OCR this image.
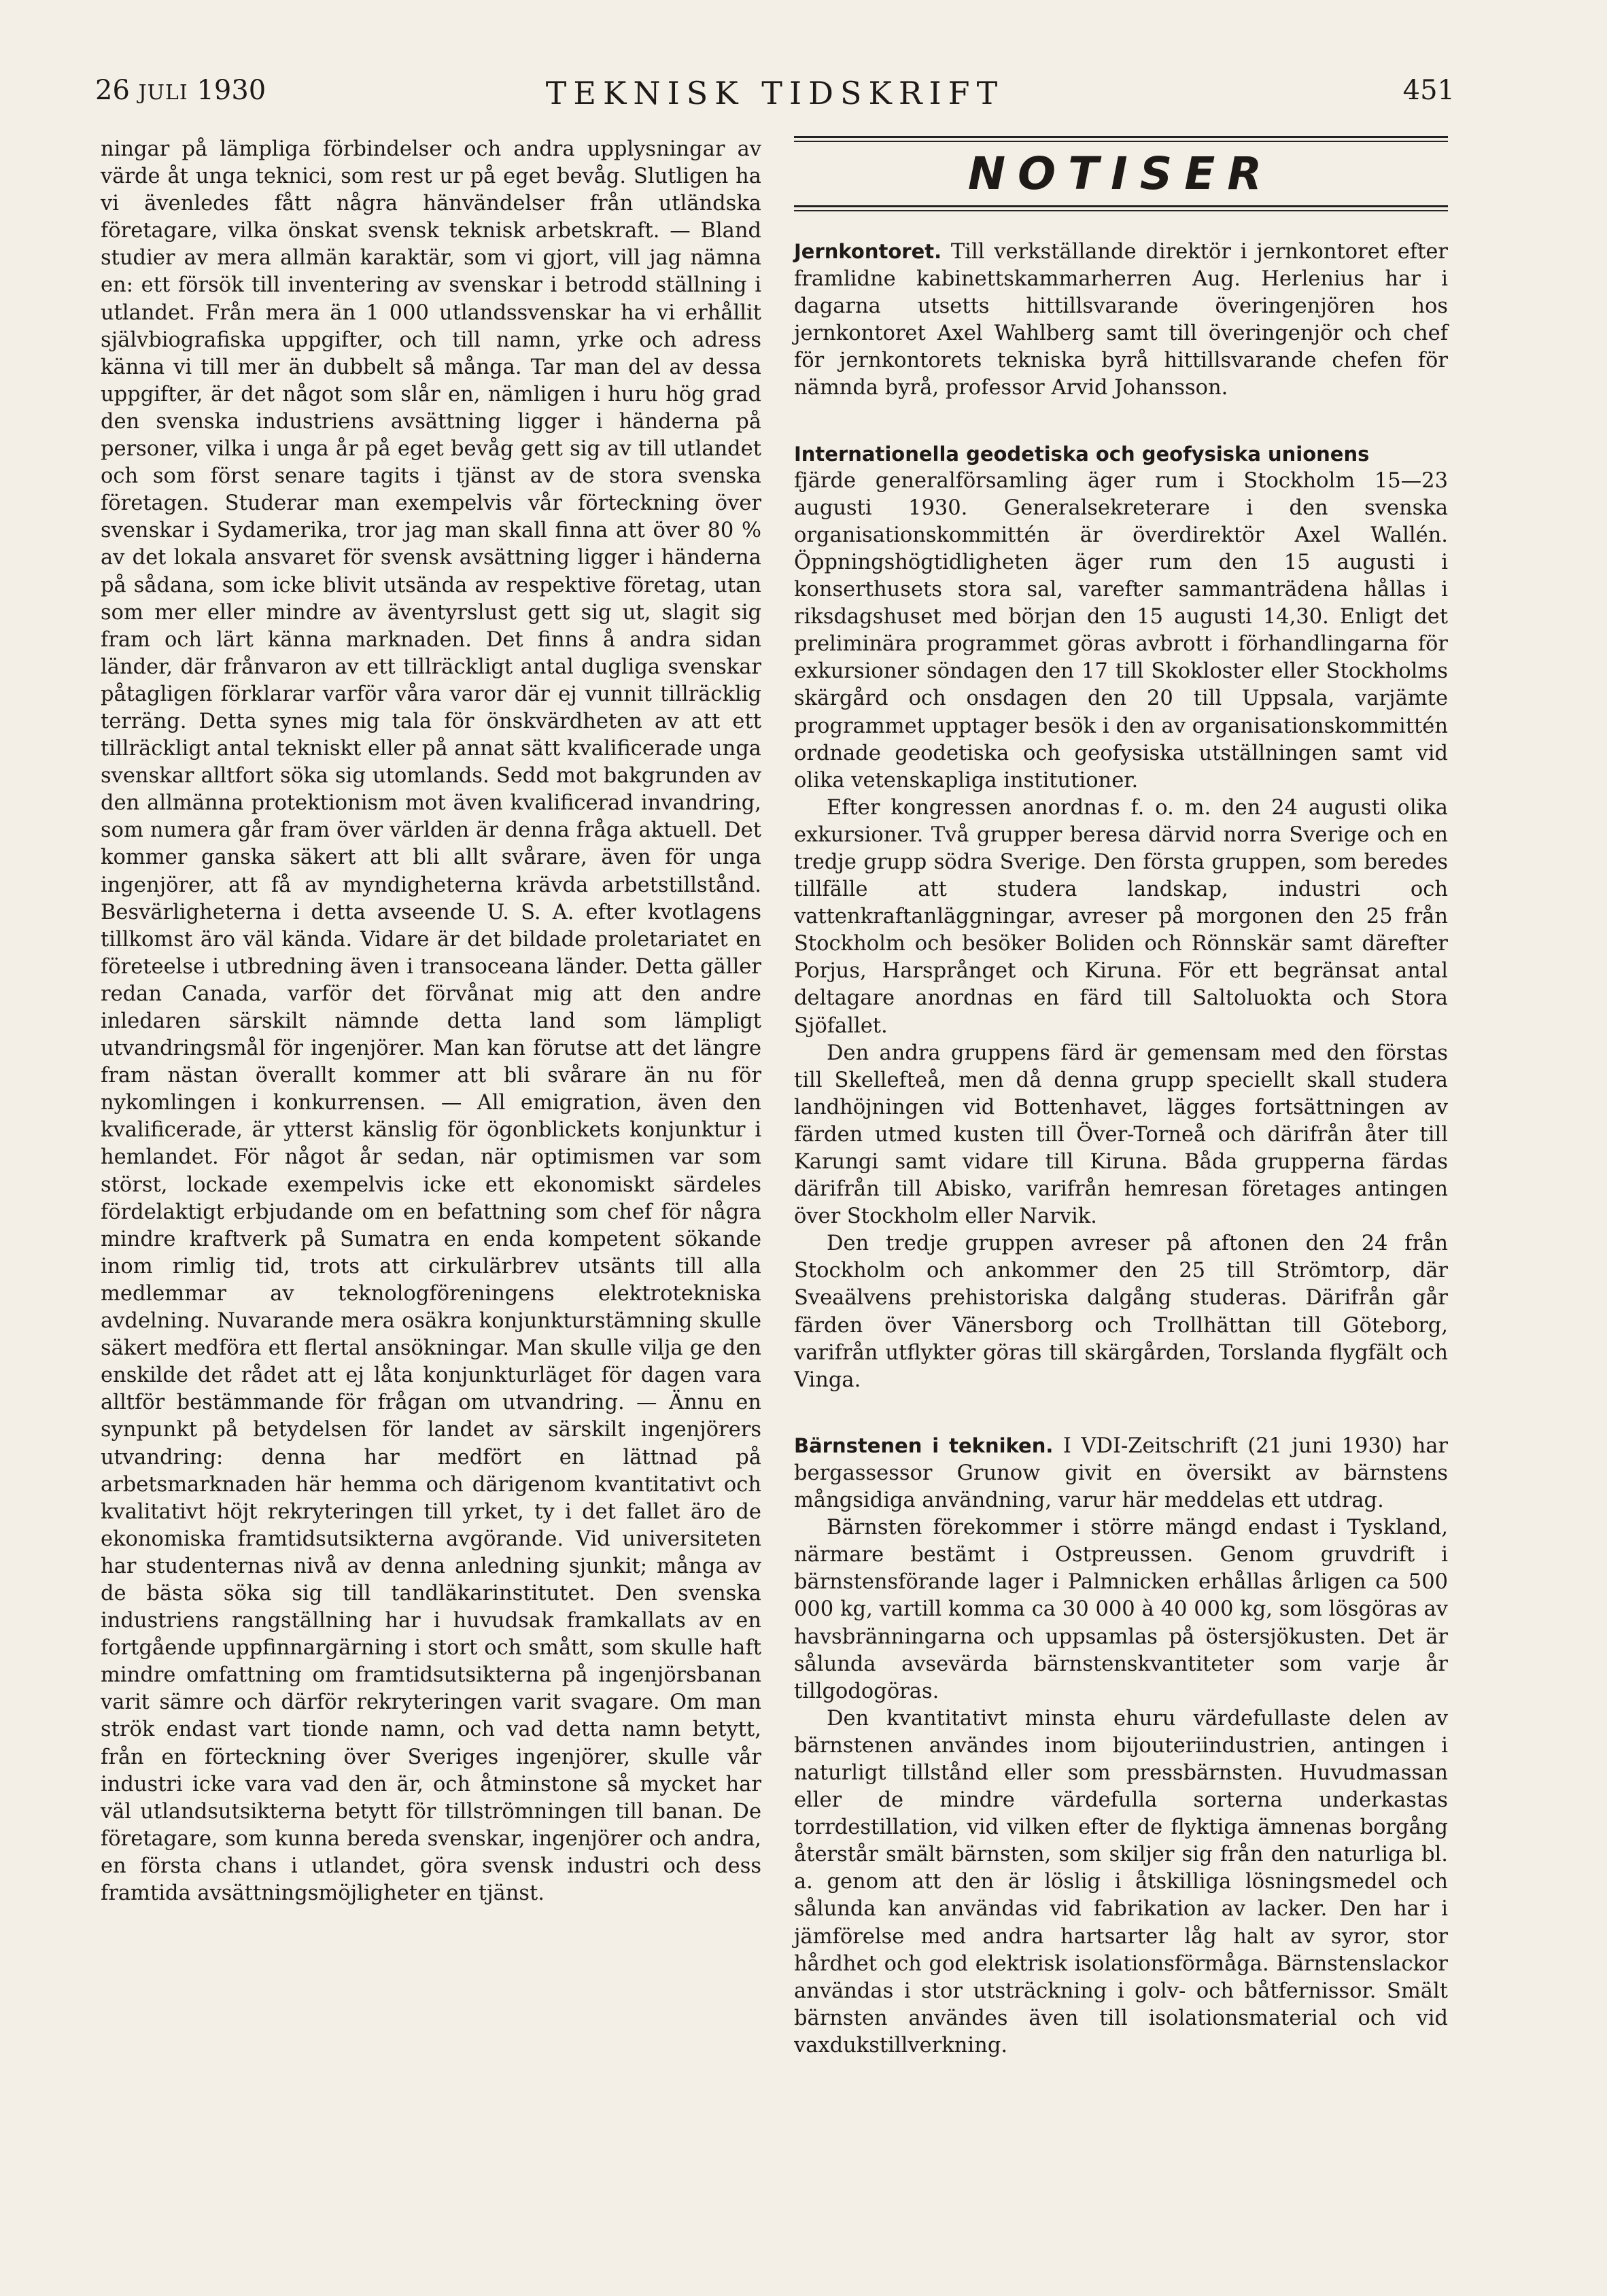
26 JULI 1930	TEKNISK TIDSKRIFT	451

ningar på lämpliga förbindelser och andra upplysningar av värde åt unga teknici, som rest ur på eget bevåg. Slutligen ha vi ävenledes fått några hänvändelser från utländska företagare, vilka önskat svensk teknisk arbetskraft. — Bland studier av mera allmän karaktär, som vi gjort, vill jag nämna en: ett försök till inventering av svenskar i betrodd ställning i utlandet. Från mera än 1 000 utlandssvenskar ha vi erhållit självbiografiska uppgifter, och till namn, yrke och adress känna vi till mer än dubbelt så många. Tar man del av dessa uppgifter, är det något som slår en, nämligen i huru hög grad den svenska industriens avsättning ligger i händerna på personer, vilka i unga år på eget bevåg gett sig av till utlandet och som först senare tagits i tjänst av de stora svenska företagen. Studerar man exempelvis vår förteckning över svenskar i Sydamerika, tror jag man skall finna att över 80 % av det lokala ansvaret för svensk avsättning ligger i händerna på sådana, som icke blivit utsända av respektive företag, utan som mer eller mindre av äventyrslust gett sig ut, slagit sig fram och lärt känna marknaden. Det finns å andra sidan länder, där frånvaron av ett tillräckligt antal dugliga svenskar påtagligen förklarar varför våra varor där ej vunnit tillräcklig terräng. Detta synes mig tala för önskvärdheten av att ett tillräckligt antal tekniskt eller på annat sätt kvalificerade unga svenskar alltfort söka sig utomlands. Sedd mot bakgrunden av den allmänna protektionism mot även kvalificerad invandring, som numera går fram över världen är denna fråga aktuell. Det kommer ganska säkert att bli allt svårare, även för unga ingenjörer, att få av myndigheterna krävda arbetstillstånd. Besvärligheterna i detta avseende U. S. A. efter kvotlagens tillkomst äro väl kända. Vidare är det bildade proletariatet en företeelse i utbredning även i transoceana länder. Detta gäller redan Canada, varför det förvånat mig att den andre inledaren särskilt nämnde detta land som lämpligt utvandringsmål för ingenjörer. Man kan förutse att det längre fram nästan överallt kommer att bli svårare än nu för nykomlingen i konkurrensen. — All emigration, även den kvalificerade, är ytterst känslig för ögonblickets konjunktur i hemlandet. För något år sedan, när optimismen var som störst, lockade exempelvis icke ett ekonomiskt särdeles fördelaktigt erbjudande om en befattning som chef för några mindre kraftverk på Sumatra en enda kompetent sökande inom rimlig tid, trots att cirkulärbrev utsänts till alla medlemmar av teknologföreningens elektrotekniska avdelning. Nuvarande mera osäkra konjunkturstämning skulle säkert medföra ett flertal ansökningar. Man skulle vilja ge den enskilde det rådet att ej låta konjunkturläget för dagen vara alltför bestämmande för frågan om utvandring. — Ännu en synpunkt på betydelsen för landet av särskilt ingenjörers utvandring: denna har medfört en lättnad på arbetsmarknaden här hemma och därigenom kvantitativt och kvalitativt höjt rekryteringen till yrket, ty i det fallet äro de ekonomiska framtidsutsikterna avgörande. Vid universiteten har studenternas nivå av denna anledning sjunkit; många av de bästa söka sig till tandläkarinstitutet. Den svenska industriens rangställning har i huvudsak framkallats av en fortgående uppfinnargärning i stort och smått, som skulle haft mindre omfattning om framtidsutsikterna på ingenjörsbanan varit sämre och därför rekryteringen varit svagare. Om man strök endast vart tionde namn, och vad detta namn betytt, från en förteckning över Sveriges ingenjörer, skulle vår industri icke vara vad den är, och åtminstone så mycket har väl utlandsutsikterna betytt för tillströmningen till banan. De företagare, som kunna bereda svenskar, ingenjörer och andra, en första chans i utlandet, göra svensk industri och dess framtida avsättningsmöjligheter en tjänst.

NOTISER

Jernkontoret. Till verkställande direktör i jernkontoret efter framlidne kabinettskammarherren Aug. Herlenius har i dagarna utsetts hittillsvarande överingenjören hos jernkontoret Axel Wahlberg samt till överingenjör och chef för jernkontorets tekniska byrå hittillsvarande chefen för nämnda byrå, professor Arvid Johansson.

Internationella geodetiska och geofysiska unionens
fjärde generalförsamling äger rum i Stockholm 15—23 augusti 1930. Generalsekreterare i den svenska organisationskommittén är överdirektör Axel Wallén. Öppningshögtidligheten äger rum den 15 augusti i konserthusets stora sal, varefter sammanträdena hållas i riksdagshuset med början den 15 augusti 14,30. Enligt det preliminära programmet göras avbrott i förhandlingarna för exkursioner söndagen den 17 till Skokloster eller Stockholms skärgård och onsdagen den 20 till Uppsala, varjämte programmet upptager besök i den av organisationskommittén ordnade geodetiska och geofysiska utställningen samt vid olika vetenskapliga institutioner.

Efter kongressen anordnas f. o. m. den 24 augusti olika exkursioner. Två grupper beresa därvid norra Sverige och en tredje grupp södra Sverige. Den första gruppen, som beredes tillfälle att studera landskap, industri och vattenkraftanläggningar, avreser på morgonen den 25 från Stockholm och besöker Boliden och Rönnskär samt därefter Porjus, Harsprånget och Kiruna. För ett begränsat antal deltagare anordnas en färd till Saltoluokta och Stora Sjöfallet.

Den andra gruppens färd är gemensam med den förstas till Skellefteå, men då denna grupp speciellt skall studera landhöjningen vid Bottenhavet, lägges fortsättningen av färden utmed kusten till Över-Torneå och därifrån åter till Karungi samt vidare till Kiruna. Båda grupperna färdas därifrån till Abisko, varifrån hemresan företages antingen över Stockholm eller Narvik.

Den tredje gruppen avreser på aftonen den 24 från Stockholm och ankommer den 25 till Strömtorp, där Sveaälvens prehistoriska dalgång studeras. Därifrån går färden över Vänersborg och Trollhättan till Göteborg, varifrån utflykter göras till skärgården, Torslanda flygfält och Vinga.

Bärnstenen i tekniken. I VDI-Zeitschrift (21 juni 1930) har bergassessor Grunow givit en översikt av bärnstens mångsidiga användning, varur här meddelas ett utdrag.

Bärnsten förekommer i större mängd endast i Tyskland, närmare bestämt i Ostpreussen. Genom gruvdrift i bärnstensförande lager i Palmnicken erhållas årligen ca 500 000 kg, vartill komma ca 30 000 à 40 000 kg, som lösgöras av havsbränningarna och uppsamlas på östersjökusten. Det är sålunda avsevärda bärnstenskvantiteter som varje år tillgodogöras.

Den kvantitativt minsta ehuru värdefullaste delen av bärnstenen användes inom bijouteriindustrien, antingen i naturligt tillstånd eller som pressbärnsten. Huvudmassan eller de mindre värdefulla sorterna underkastas torrdestillation, vid vilken efter de flyktiga ämnenas borgång återstår smält bärnsten, som skiljer sig från den naturliga bl. a. genom att den är löslig i åtskilliga lösningsmedel och sålunda kan användas vid fabrikation av lacker. Den har i jämförelse med andra hartsarter låg halt av syror, stor hårdhet och god elektrisk isolationsförmåga. Bärnstenslackor användas i stor utsträckning i golv- och båtfernissor. Smält bärnsten användes även till isolationsmaterial och vid vaxdukstillverkning.
